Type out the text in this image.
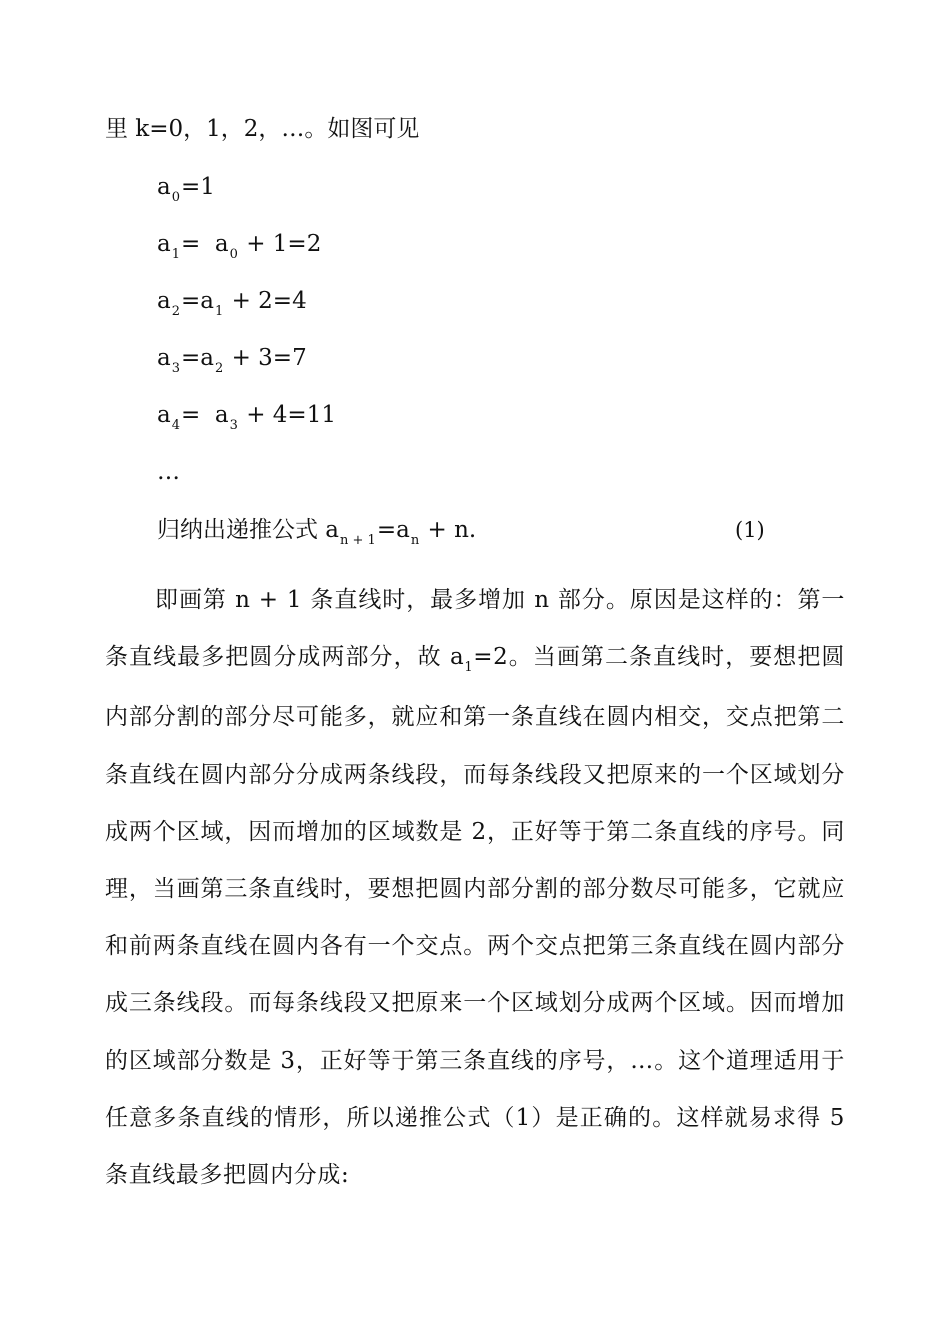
里 k=0，1，2，…。如图可见
$a_0=1$
$a_1= a_0 + 1=2$
$a_2=a_1 + 2=4$
$a_3=a_2 + 3=7$
$a_4= a_3 + 4=11$
…
归纳出递推公式 $a_{n + 1}=a_n + n$.	(1)
即画第 n + 1 条直线时，最多增加 n 部分。原因是这样的：第一条直线最多把圆分成两部分，故 $a_1=2$。当画第二条直线时，要想把圆内部分割的部分尽可能多，就应和第一条直线在圆内相交，交点把第二条直线在圆内部分分成两条线段，而每条线段又把原来的一个区域划分成两个区域，因而增加的区域数是 2，正好等于第二条直线的序号。同理，当画第三条直线时，要想把圆内部分割的部分数尽可能多，它就应和前两条直线在圆内各有一个交点。两个交点把第三条直线在圆内部分成三条线段。而每条线段又把原来一个区域划分成两个区域。因而增加的区域部分数是 3，正好等于第三条直线的序号，…。这个道理适用于任意多条直线的情形，所以递推公式（1）是正确的。这样就易求得 5 条直线最多把圆内分成:
